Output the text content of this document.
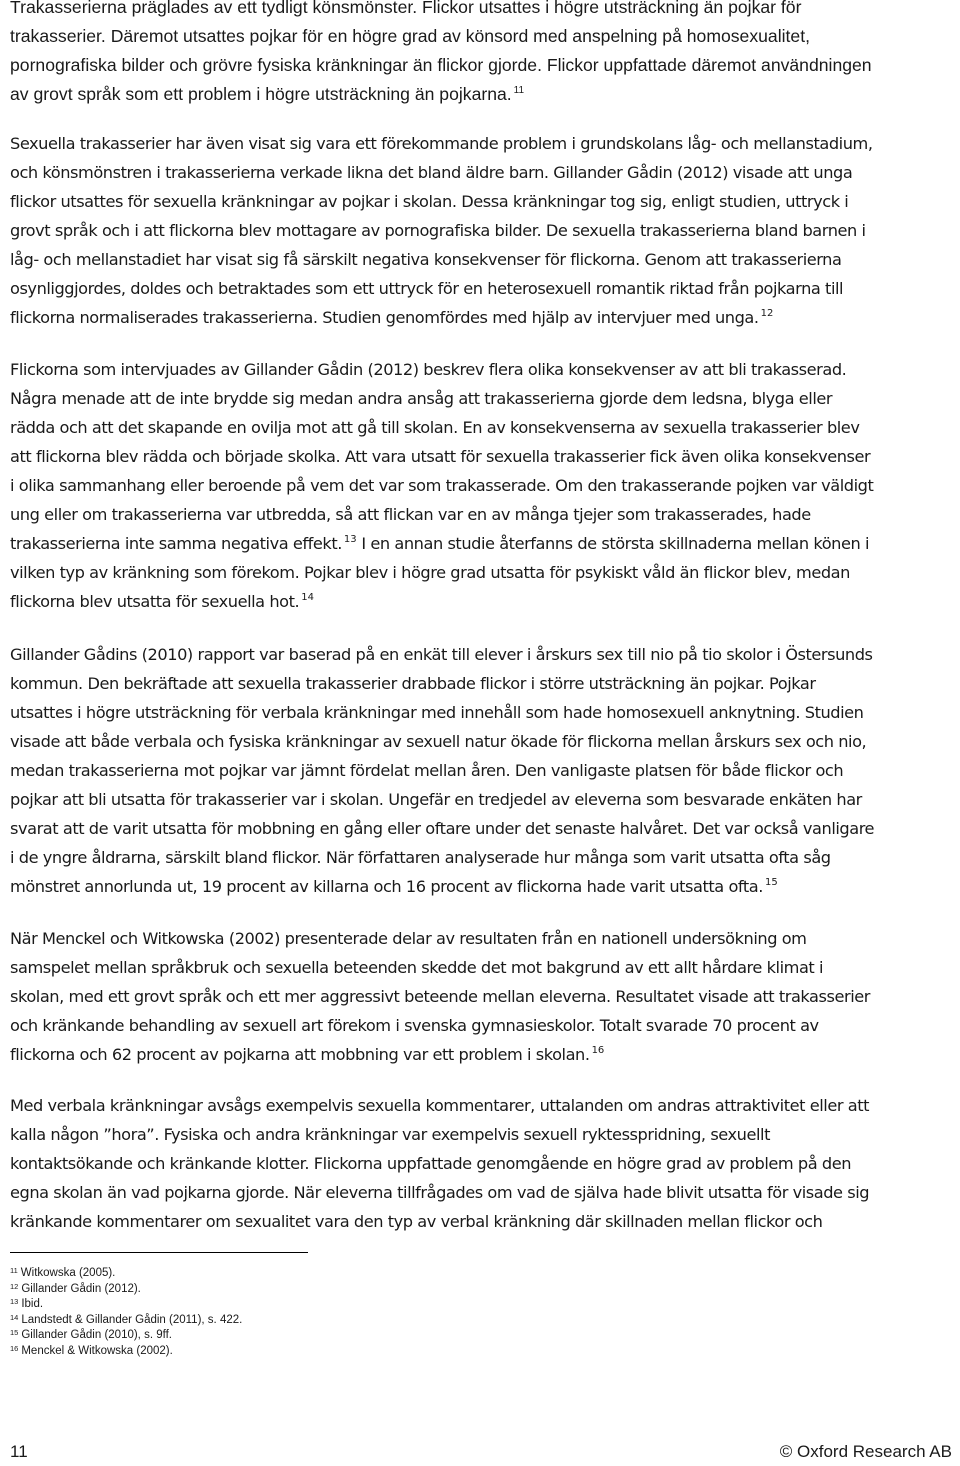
Trakasserierna präglades av ett tydligt könsmönster. Flickor utsattes i högre utsträckning än pojkar för
trakasserier. Däremot utsattes pojkar för en högre grad av könsord med anspelning på homosexualitet,
pornografiska bilder och grövre fysiska kränkningar än flickor gjorde. Flickor uppfattade däremot användningen
av grovt språk som ett problem i högre utsträckning än pojkarna. $^{11}$
Sexuella trakasserier har även visat sig vara ett förekommande problem i grundskolans låg- och mellanstadium,
och könsmönstren i trakasserierna verkade likna det bland äldre barn. Gillander Gådin (2012) visade att unga
flickor utsattes för sexuella kränkningar av pojkar i skolan. Dessa kränkningar tog sig, enligt studien, uttryck i
grovt språk och i att flickorna blev mottagare av pornografiska bilder. De sexuella trakasserierna bland barnen i
låg- och mellanstadiet har visat sig få särskilt negativa konsekvenser för flickorna. Genom att trakasserierna
osynliggjordes, doldes och betraktades som ett uttryck för en heterosexuell romantik riktad från pojkarna till
flickorna normaliserades trakasserierna. Studien genomfördes med hjälp av intervjuer med unga. $^{12}$
Flickorna som intervjuades av Gillander Gådin (2012) beskrev flera olika konsekvenser av att bli trakasserad.
Några menade att de inte brydde sig medan andra ansåg att trakasserierna gjorde dem ledsna, blyga eller
rädda och att det skapande en ovilja mot att gå till skolan. En av konsekvenserna av sexuella trakasserier blev
att flickorna blev rädda och började skolka. Att vara utsatt för sexuella trakasserier fick även olika konsekvenser
i olika sammanhang eller beroende på vem det var som trakasserade. Om den trakasserande pojken var väldigt
ung eller om trakasserierna var utbredda, så att flickan var en av många tjejer som trakasserades, hade
trakasserierna inte samma negativa effekt. $^{13}$ I en annan studie återfanns de största skillnaderna mellan könen i
vilken typ av kränkning som förekom. Pojkar blev i högre grad utsatta för psykiskt våld än flickor blev, medan
flickorna blev utsatta för sexuella hot. $^{14}$
Gillander Gådins (2010) rapport var baserad på en enkät till elever i årskurs sex till nio på tio skolor i Östersunds
kommun. Den bekräftade att sexuella trakasserier drabbade flickor i större utsträckning än pojkar. Pojkar
utsattes i högre utsträckning för verbala kränkningar med innehåll som hade homosexuell anknytning. Studien
visade att både verbala och fysiska kränkningar av sexuell natur ökade för flickorna mellan årskurs sex och nio,
medan trakasserierna mot pojkar var jämnt fördelat mellan åren. Den vanligaste platsen för både flickor och
pojkar att bli utsatta för trakasserier var i skolan. Ungefär en tredjedel av eleverna som besvarade enkäten har
svarat att de varit utsatta för mobbning en gång eller oftare under det senaste halvåret. Det var också vanligare
i de yngre åldrarna, särskilt bland flickor. När författaren analyserade hur många som varit utsatta ofta såg
mönstret annorlunda ut, 19 procent av killarna och 16 procent av flickorna hade varit utsatta ofta. $^{15}$
När Menckel och Witkowska (2002) presenterade delar av resultaten från en nationell undersökning om
samspelet mellan språkbruk och sexuella beteenden skedde det mot bakgrund av ett allt hårdare klimat i
skolan, med ett grovt språk och ett mer aggressivt beteende mellan eleverna. Resultatet visade att trakasserier
och kränkande behandling av sexuell art förekom i svenska gymnasieskolor. Totalt svarade 70 procent av
flickorna och 62 procent av pojkarna att mobbning var ett problem i skolan. $^{16}$
Med verbala kränkningar avsågs exempelvis sexuella kommentarer, uttalanden om andras attraktivitet eller att
kalla någon ”hora”. Fysiska och andra kränkningar var exempelvis sexuell ryktesspridning, sexuellt
kontaktsökande och kränkande klotter. Flickorna uppfattade genomgående en högre grad av problem på den
egna skolan än vad pojkarna gjorde. När eleverna tillfrågades om vad de själva hade blivit utsatta för visade sig
kränkande kommentarer om sexualitet vara den typ av verbal kränkning där skillnaden mellan flickor och
$^{11}$ Witkowska (2005).
$^{12}$ Gillander Gådin (2012).
$^{13}$ Ibid.
$^{14}$ Landstedt & Gillander Gådin (2011), s. 422.
$^{15}$ Gillander Gådin (2010), s. 9ff.
$^{16}$ Menckel & Witkowska (2002).
11	© Oxford Research AB
